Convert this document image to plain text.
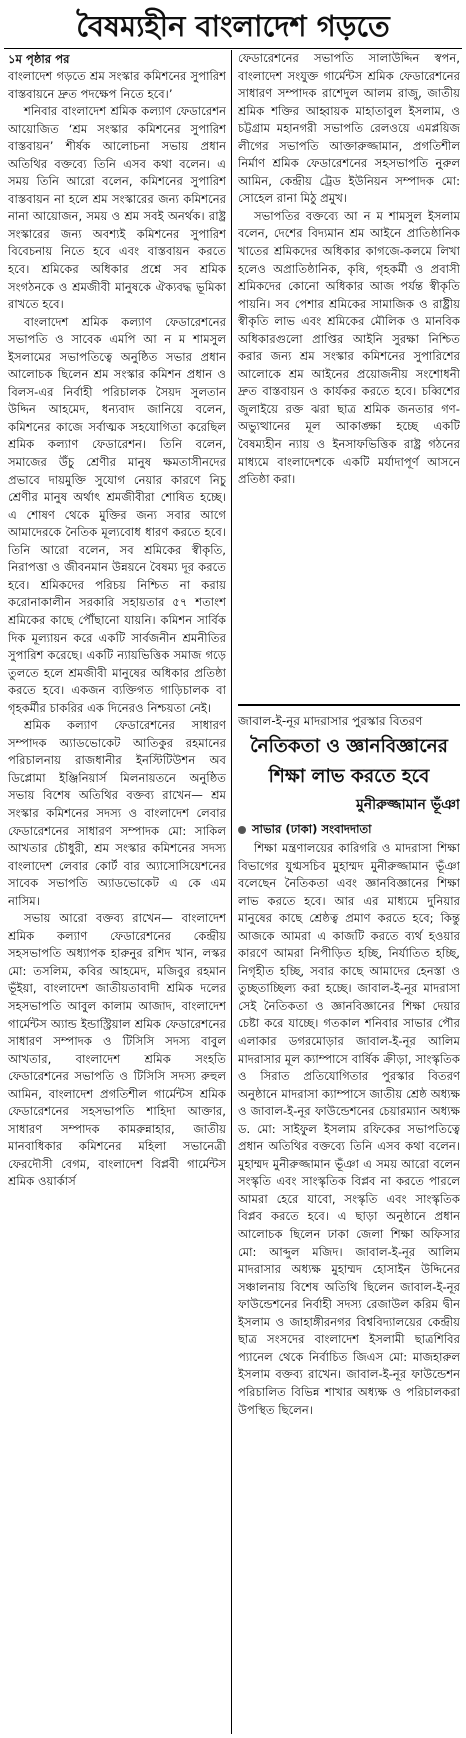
বৈষম্যহীন বাংলাদেশ গড়তে

১ম পৃষ্ঠার পর

বাংলাদেশ গড়তে শ্রম সংস্কার কমিশনের সুপারিশ বাস্তবায়নে দ্রুত পদক্ষেপ নিতে হবে।’

শনিবার বাংলাদেশ শ্রমিক কল্যাণ ফেডারেশন আয়োজিত ‘শ্রম সংস্কার কমিশনের সুপারিশ বাস্তবায়ন’ শীর্ষক আলোচনা সভায় প্রধান অতিথির বক্তব্যে তিনি এসব কথা বলেন। এ সময় তিনি আরো বলেন, কমিশনের সুপারিশ বাস্তবায়ন না হলে শ্রম সংস্কারের জন্য কমিশনের নানা আয়োজন, সময় ও শ্রম সবই অনর্থক। রাষ্ট্র সংস্কারের জন্য অবশ্যই কমিশনের সুপারিশ বিবেচনায় নিতে হবে এবং বাস্তবায়ন করতে হবে। শ্রমিকের অধিকার প্রশ্নে সব শ্রমিক সংগঠনকে ও শ্রমজীবী মানুষকে ঐক্যবদ্ধ ভূমিকা রাখতে হবে।

বাংলাদেশ শ্রমিক কল্যাণ ফেডারেশনের সভাপতি ও সাবেক এমপি আ ন ম শামসুল ইসলামের সভাপতিত্বে অনুষ্ঠিত সভার প্রধান আলোচক ছিলেন শ্রম সংস্কার কমিশন প্রধান ও বিলস-এর নির্বাহী পরিচালক সৈয়দ সুলতান উদ্দিন আহমেদ, ধন্যবাদ জানিয়ে বলেন, কমিশনের কাজে সর্বাত্মক সহযোগিতা করেছিল শ্রমিক কল্যাণ ফেডারেশন। তিনি বলেন, সমাজের উঁচু শ্রেণীর মানুষ ক্ষমতাসীনদের প্রভাবে দায়মুক্তি সুযোগ নেয়ার কারণে নিচু শ্রেণীর মানুষ অর্থাৎ শ্রমজীবীরা শোষিত হচ্ছে। এ শোষণ থেকে মুক্তির জন্য সবার আগে আমাদেরকে নৈতিক মূল্যবোধ ধারণ করতে হবে। তিনি আরো বলেন, সব শ্রমিকের স্বীকৃতি, নিরাপত্তা ও জীবনমান উন্নয়নে বৈষম্য দূর করতে হবে। শ্রমিকদের পরিচয় নিশ্চিত না করায় করোনাকালীন সরকারি সহায়তার ৫৭ শতাংশ শ্রমিকের কাছে পৌঁছানো যায়নি। কমিশন সার্বিক দিক মূল্যায়ন করে একটি সার্বজনীন শ্রমনীতির সুপারিশ করেছে। একটি ন্যায়ভিত্তিক সমাজ গড়ে তুলতে হলে শ্রমজীবী মানুষের অধিকার প্রতিষ্ঠা করতে হবে। একজন ব্যক্তিগত গাড়িচালক বা গৃহকর্মীর চাকরির এক দিনেরও নিশ্চয়তা নেই।

শ্রমিক কল্যাণ ফেডারেশনের সাধারণ সম্পাদক অ্যাডভোকেট আতিকুর রহমানের পরিচালনায় রাজধানীর ইনস্টিটিউশন অব ডিপ্লোমা ইঞ্জিনিয়ার্স মিলনায়তনে অনুষ্ঠিত সভায় বিশেষ অতিথির বক্তব্য রাখেন— শ্রম সংস্কার কমিশনের সদস্য ও বাংলাদেশ লেবার ফেডারেশনের সাধারণ সম্পাদক মো: সাকিল আখতার চৌধুরী, শ্রম সংস্কার কমিশনের সদস্য বাংলাদেশ লেবার কোর্ট বার অ্যাসোসিয়েশনের সাবেক সভাপতি অ্যাডভোকেট এ কে এম নাসিম।

সভায় আরো বক্তব্য রাখেন— বাংলাদেশ শ্রমিক কল্যাণ ফেডারেশনের কেন্দ্রীয় সহসভাপতি অধ্যাপক হারুনুর রশিদ খান, লস্কর মো: তসলিম, কবির আহমেদ, মজিবুর রহমান ভূঁইয়া, বাংলাদেশ জাতীয়তাবাদী শ্রমিক দলের সহসভাপতি আবুল কালাম আজাদ, বাংলাদেশ গার্মেন্টস অ্যান্ড ইন্ডাস্ট্রিয়াল শ্রমিক ফেডারেশনের সাধারণ সম্পাদক ও টিসিসি সদস্য বাবুল আখতার, বাংলাদেশ শ্রমিক সংহতি ফেডারেশনের সভাপতি ও টিসিসি সদস্য রুহুল আমিন, বাংলাদেশ প্রগতিশীল গার্মেন্টস শ্রমিক ফেডারেশনের সহসভাপতি শাহিদা আক্তার, সাধারণ সম্পাদক কামরুন্নাহার, জাতীয় মানবাধিকার কমিশনের মহিলা সভানেত্রী ফেরদৌসী বেগম, বাংলাদেশ বিপ্লবী গার্মেন্টস শ্রমিক ওয়ার্কার্স

ফেডারেশনের সভাপতি সালাউদ্দিন স্বপন, বাংলাদেশ সংযুক্ত গার্মেন্টস শ্রমিক ফেডারেশনের সাধারণ সম্পাদক রাশেদুল আলম রাজু, জাতীয় শ্রমিক শক্তির আহ্বায়ক মাহাতাবুল ইসলাম, ও চট্টগ্রাম মহানগরী সভাপতি রেলওয়ে এমপ্লয়িজ লীগের সভাপতি আক্তারুজ্জামান, প্রগতিশীল নির্মাণ শ্রমিক ফেডারেশনের সহসভাপতি নুরুল আমিন, কেন্দ্রীয় ট্রেড ইউনিয়ন সম্পাদক মো: সোহেল রানা মিঠু প্রমুখ।

সভাপতির বক্তব্যে আ ন ম শামসুল ইসলাম বলেন, দেশের বিদ্যমান শ্রম আইনে প্রাতিষ্ঠানিক খাতের শ্রমিকদের অধিকার কাগজে-কলমে লিখা হলেও অপ্রাতিষ্ঠানিক, কৃষি, গৃহকর্মী ও প্রবাসী শ্রমিকদের কোনো অধিকার আজ পর্যন্ত স্বীকৃতি পায়নি। সব পেশার শ্রমিকের সামাজিক ও রাষ্ট্রীয় স্বীকৃতি লাভ এবং শ্রমিকের মৌলিক ও মানবিক অধিকারগুলো প্রাপ্তির আইনি সুরক্ষা নিশ্চিত করার জন্য শ্রম সংস্কার কমিশনের সুপারিশের আলোকে শ্রম আইনের প্রয়োজনীয় সংশোধনী দ্রুত বাস্তবায়ন ও কার্যকর করতে হবে। চব্বিশের জুলাইয়ে রক্ত ঝরা ছাত্র শ্রমিক জনতার গণ-অভ্যুত্থানের মূল আকাঙ্ক্ষা হচ্ছে একটি বৈষম্যহীন ন্যায় ও ইনসাফভিত্তিক রাষ্ট্র গঠনের মাধ্যমে বাংলাদেশকে একটি মর্যাদাপূর্ণ আসনে প্রতিষ্ঠা করা।

জাবাল-ই-নূর মাদরাসার পুরস্কার বিতরণ

নৈতিকতা ও জ্ঞানবিজ্ঞানের

শিক্ষা লাভ করতে হবে

মুনীরুজ্জামান ভূঁঞা

সাভার (ঢাকা) সংবাদদাতা

শিক্ষা মন্ত্রণালয়ের কারিগরি ও মাদরাসা শিক্ষা বিভাগের যুগ্মসচিব মুহাম্মদ মুনীরুজ্জামান ভূঁঞা বলেছেন নৈতিকতা এবং জ্ঞানবিজ্ঞানের শিক্ষা লাভ করতে হবে। আর এর মাধ্যমে দুনিয়ার মানুষের কাছে শ্রেষ্ঠত্ব প্রমাণ করতে হবে; কিন্তু আজকে আমরা এ কাজটি করতে ব্যর্থ হওয়ার কারণে আমরা নিপীড়িত হচ্ছি, নির্যাতিত হচ্ছি, নিগৃহীত হচ্ছি, সবার কাছে আমাদের হেনস্তা ও তুচ্ছতাচ্ছিল্য করা হচ্ছে। জাবাল-ই-নূর মাদরাসা সেই নৈতিকতা ও জ্ঞানবিজ্ঞানের শিক্ষা দেয়ার চেষ্টা করে যাচ্ছে। গতকাল শনিবার সাভার পৌর এলাকার ডগরমোড়ার জাবাল-ই-নূর আলিম মাদরাসার মূল ক্যাম্পাসে বার্ষিক ক্রীড়া, সাংস্কৃতিক ও সিরাত প্রতিযোগিতার পুরস্কার বিতরণ অনুষ্ঠানে মাদরাসা ক্যাম্পাসে জাতীয় শ্রেষ্ঠ অধ্যক্ষ ও জাবাল-ই-নূর ফাউন্ডেশনের চেয়ারম্যান অধ্যক্ষ ড. মো: সাইফুল ইসলাম রফিকের সভাপতিত্বে প্রধান অতিথির বক্তব্যে তিনি এসব কথা বলেন। মুহাম্মদ মুনীরুজ্জামান ভূঁঞা এ সময় আরো বলেন সংস্কৃতি এবং সাংস্কৃতিক বিপ্লব না করতে পারলে আমরা হেরে যাবো, সংস্কৃতি এবং সাংস্কৃতিক বিপ্লব করতে হবে। এ ছাড়া অনুষ্ঠানে প্রধান আলোচক ছিলেন ঢাকা জেলা শিক্ষা অফিসার মো: আব্দুল মজিদ। জাবাল-ই-নূর আলিম মাদরাসার অধ্যক্ষ মুহাম্মদ হোসাইন উদ্দিনের সঞ্চালনায় বিশেষ অতিথি ছিলেন জাবাল-ই-নূর ফাউন্ডেশনের নির্বাহী সদস্য রেজাউল করিম দ্বীন ইসলাম ও জাহাঙ্গীরনগর বিশ্ববিদ্যালয়ের কেন্দ্রীয় ছাত্র সংসদের বাংলাদেশ ইসলামী ছাত্রশিবির প্যানেল থেকে নির্বাচিত জিএস মো: মাজহারুল ইসলাম বক্তব্য রাখেন। জাবাল-ই-নূর ফাউন্ডেশন পরিচালিত বিভিন্ন শাখার অধ্যক্ষ ও পরিচালকরা উপস্থিত ছিলেন।
